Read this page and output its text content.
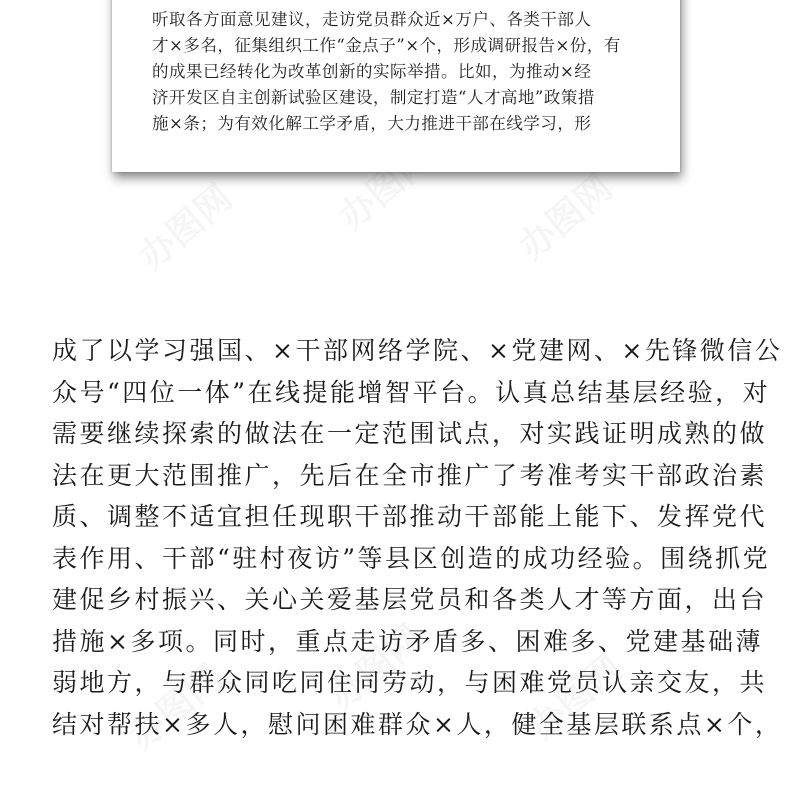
办图网	办图网 办图网
办图网	办图网	办图网
听取各方面意见建议，走访党员群众近×万户、各类干部人
才×多名，征集组织工作“金点子”×个，形成调研报告×份，有
的成果已经转化为改革创新的实际举措。比如，为推动×经
济开发区自主创新试验区建设，制定打造“人才高地”政策措
施×条；为有效化解工学矛盾，大力推进干部在线学习，形
成了以学习强国、×干部网络学院、×党建网、×先锋微信公
众号“四位一体”在线提能增智平台。认真总结基层经验，对
需要继续探索的做法在一定范围试点，对实践证明成熟的做
法在更大范围推广，先后在全市推广了考准考实干部政治素
质、调整不适宜担任现职干部推动干部能上能下、发挥党代
表作用、干部“驻村夜访”等县区创造的成功经验。围绕抓党
建促乡村振兴、关心关爱基层党员和各类人才等方面，出台
措施×多项。同时，重点走访矛盾多、困难多、党建基础薄
弱地方，与群众同吃同住同劳动，与困难党员认亲交友，共
结对帮扶×多人，慰问困难群众×人，健全基层联系点×个，
